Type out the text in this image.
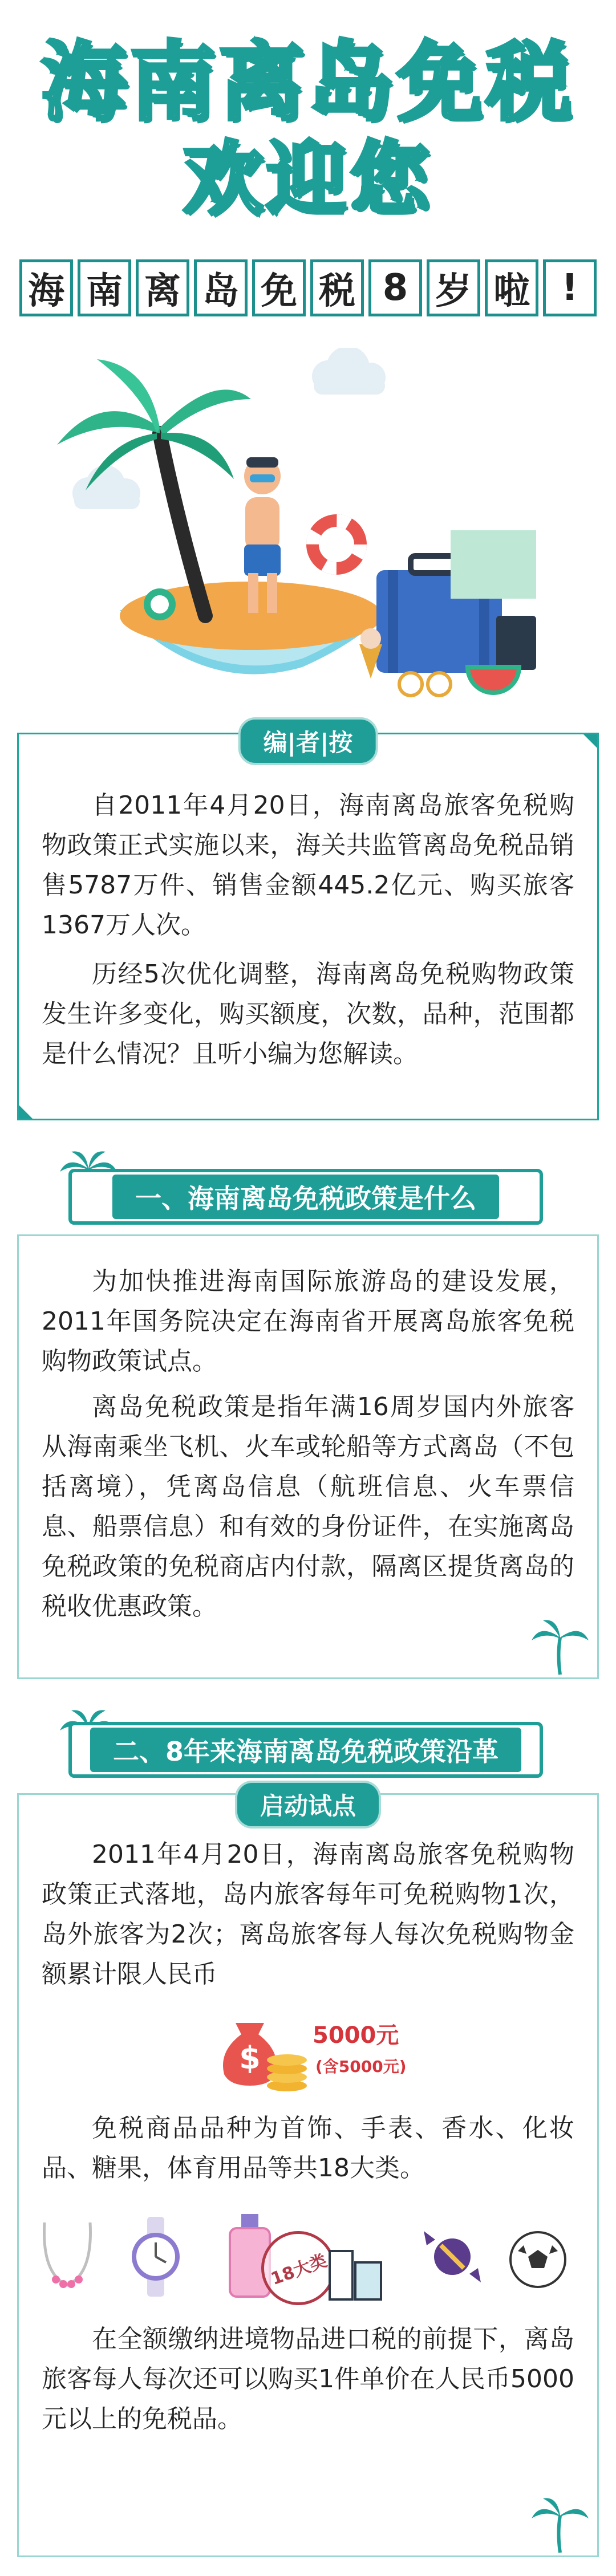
海南离岛免税
欢迎您
海 南 离 岛 免 税 8 岁 啦 !
编|者|按

自2011年4月20日，海南离岛旅客免税购物政策正式实施以来，海关共监管离岛免税品销售5787万件、销售金额445.2亿元、购买旅客1367万人次。

历经5次优化调整，海南离岛免税购物政策发生许多变化，购买额度，次数，品种，范围都是什么情况？且听小编为您解读。

一、海南离岛免税政策是什么

为加快推进海南国际旅游岛的建设发展，2011年国务院决定在海南省开展离岛旅客免税购物政策试点。

离岛免税政策是指年满16周岁国内外旅客从海南乘坐飞机、火车或轮船等方式离岛（不包括离境），凭离岛信息（航班信息、火车票信息、船票信息）和有效的身份证件，在实施离岛免税政策的免税商店内付款，隔离区提货离岛的税收优惠政策。

二、8年来海南离岛免税政策沿革
启动试点

2011年4月20日，海南离岛旅客免税购物政策正式落地，岛内旅客每年可免税购物1次，岛外旅客为2次；离岛旅客每人每次免税购物金额累计限人民币

$
5000元
(含5000元)

免税商品品种为首饰、手表、香水、化妆品、糖果，体育用品等共18大类。

18大类

在全额缴纳进境物品进口税的前提下，离岛旅客每人每次还可以购买1件单价在人民币5000元以上的免税品。
